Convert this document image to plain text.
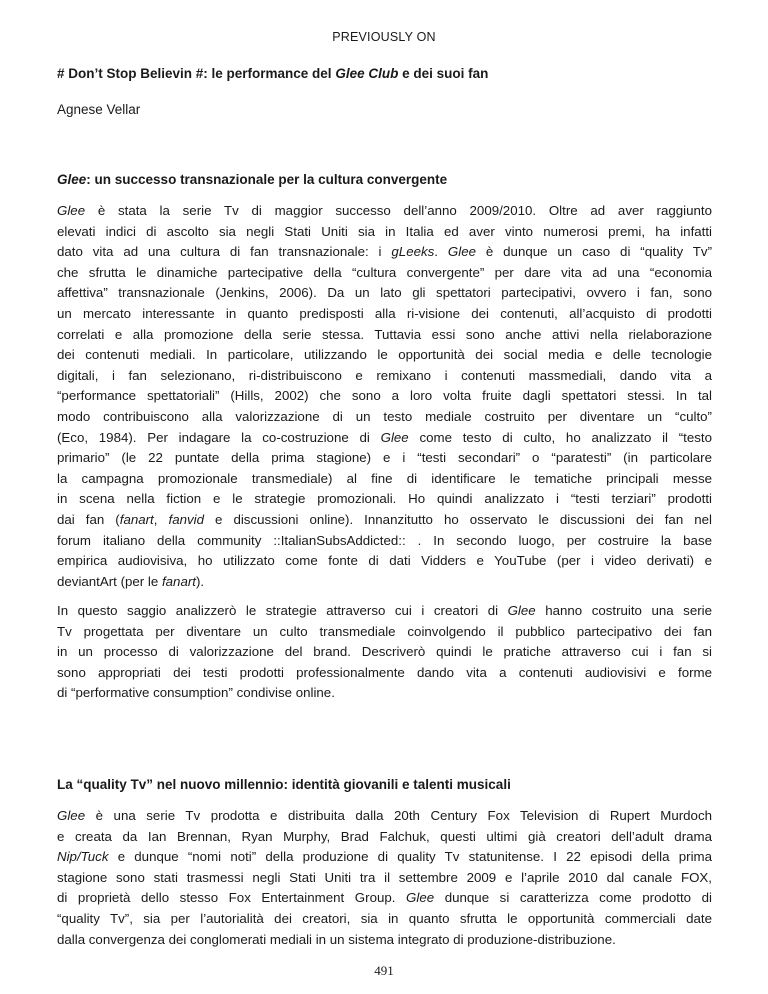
PREVIOUSLY ON
# Don’t Stop Believin #: le performance del Glee Club e dei suoi fan
Agnese Vellar
Glee: un successo transnazionale per la cultura convergente
Glee è stata la serie Tv di maggior successo dell’anno 2009/2010. Oltre ad aver raggiunto
elevati indici di ascolto sia negli Stati Uniti sia in Italia ed aver vinto numerosi premi, ha infatti
dato vita ad una cultura di fan transnazionale: i gLeeks. Glee è dunque un caso di “quality Tv”
che sfrutta le dinamiche partecipative della “cultura convergente” per dare vita ad una “economia
affettiva” transnazionale (Jenkins, 2006). Da un lato gli spettatori partecipativi, ovvero i fan, sono
un mercato interessante in quanto predisposti alla ri-visione dei contenuti, all’acquisto di prodotti
correlati e alla promozione della serie stessa. Tuttavia essi sono anche attivi nella rielaborazione
dei contenuti mediali. In particolare, utilizzando le opportunità dei social media e delle tecnologie
digitali, i fan selezionano, ri-distribuiscono e remixano i contenuti massmediali, dando vita a
“performance spettatoriali” (Hills, 2002) che sono a loro volta fruite dagli spettatori stessi. In tal
modo contribuiscono alla valorizzazione di un testo mediale costruito per diventare un “culto”
(Eco, 1984). Per indagare la co-costruzione di Glee come testo di culto, ho analizzato il “testo
primario” (le 22 puntate della prima stagione) e i “testi secondari” o “paratesti” (in particolare
la campagna promozionale transmediale) al fine di identificare le tematiche principali messe
in scena nella fiction e le strategie promozionali. Ho quindi analizzato i “testi terziari” prodotti
dai fan (fanart, fanvid e discussioni online). Innanzitutto ho osservato le discussioni dei fan nel
forum italiano della community ::ItalianSubsAddicted:: . In secondo luogo, per costruire la base
empirica audiovisiva, ho utilizzato come fonte di dati Vidders e YouTube (per i video derivati) e
deviantArt (per le fanart).
In questo saggio analizzerò le strategie attraverso cui i creatori di Glee hanno costruito una serie
Tv progettata per diventare un culto transmediale coinvolgendo il pubblico partecipativo dei fan
in un processo di valorizzazione del brand. Descriverò quindi le pratiche attraverso cui i fan si
sono appropriati dei testi prodotti professionalmente dando vita a contenuti audiovisivi e forme
di “performative consumption” condivise online.
La “quality Tv” nel nuovo millennio: identità giovanili e talenti musicali
Glee è una serie Tv prodotta e distribuita dalla 20th Century Fox Television di Rupert Murdoch
e creata da Ian Brennan, Ryan Murphy, Brad Falchuk, questi ultimi già creatori dell’adult drama
Nip/Tuck e dunque “nomi noti” della produzione di quality Tv statunitense. I 22 episodi della prima
stagione sono stati trasmessi negli Stati Uniti tra il settembre 2009 e l’aprile 2010 dal canale FOX,
di proprietà dello stesso Fox Entertainment Group. Glee dunque si caratterizza come prodotto di
“quality Tv”, sia per l’autorialità dei creatori, sia in quanto sfrutta le opportunità commerciali date
dalla convergenza dei conglomerati mediali in un sistema integrato di produzione-distribuzione.
491
